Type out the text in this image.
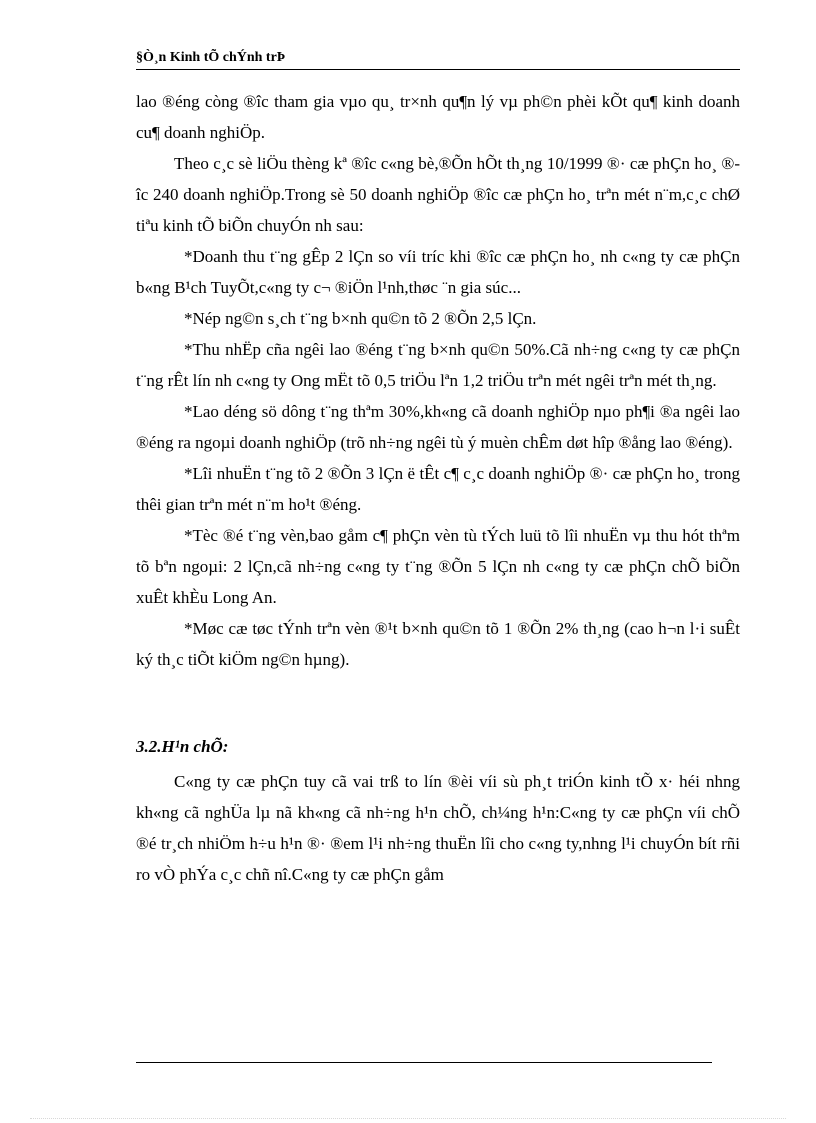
§Ò¸n Kinh tÕ chÝnh trÞ

lao ®éng còng ®îc tham gia vµo qu¸ tr×nh qu¶n lý vµ ph©n phèi kÕt qu¶ kinh doanh cu¶ doanh nghiÖp.

Theo c¸c sè liÖu thèng kª ®îc c«ng bè,®Õn hÕt th¸ng 10/1999 ®· cæ phÇn ho¸ ®îc 240 doanh nghiÖp.Trong sè 50 doanh nghiÖp ®îc cæ phÇn ho¸ trªn mét n¨m,c¸c chØ tiªu kinh tÕ biÕn chuyÓn nh sau:

*Doanh thu t¨ng gÊp 2 lÇn so víi tríc khi ®îc cæ phÇn ho¸ nh c«ng ty cæ phÇn b«ng B¹ch TuyÕt,c«ng ty c¬ ®iÖn l¹nh,thøc ¨n gia súc...

*Nép ng©n s¸ch t¨ng b×nh qu©n tõ 2 ®Õn 2,5 lÇn.

*Thu nhËp cña ngêi lao ®éng t¨ng b×nh qu©n 50%.Cã nh÷ng c«ng ty cæ phÇn t¨ng rÊt lín nh c«ng ty Ong mËt tõ 0,5 triÖu lªn 1,2 triÖu trªn mét ngêi trªn mét th¸ng.

*Lao déng sö dông t¨ng thªm 30%,kh«ng cã doanh nghiÖp nµo ph¶i ®a ngêi lao ®éng ra ngoµi doanh nghiÖp (trõ nh÷ng ngêi tù ý muèn chÊm døt hîp ®ång lao ®éng).

*Lîi nhuËn t¨ng tõ 2 ®Õn 3 lÇn ë tÊt c¶ c¸c doanh nghiÖp ®· cæ phÇn ho¸ trong thêi gian trªn mét n¨m ho¹t ®éng.

*Tèc ®é t¨ng vèn,bao gåm c¶ phÇn vèn tù tÝch luü tõ lîi nhuËn vµ thu hót thªm tõ bªn ngoµi: 2 lÇn,cã nh÷ng c«ng ty t¨ng ®Õn 5 lÇn nh c«ng ty cæ phÇn chÕ biÕn xuÊt khÈu Long An.

*Møc cæ tøc tÝnh trªn vèn ®¹t b×nh qu©n tõ 1 ®Õn 2% th¸ng (cao h¬n l·i suÊt ký th¸c tiÕt kiÖm ng©n hµng).

3.2.H¹n chÕ:

C«ng ty cæ phÇn tuy cã vai trß to lín ®èi víi sù ph¸t triÓn kinh tÕ x· héi nhng kh«ng cã nghÜa lµ nã kh«ng cã nh÷ng h¹n chÕ, ch¼ng h¹n:C«ng ty cæ phÇn víi chÕ ®é tr¸ch nhiÖm h÷u h¹n ®· ®em l¹i nh÷ng thuËn lîi cho c«ng ty,nhng l¹i chuyÓn bít rñi ro vÒ phÝa c¸c chñ nî.C«ng ty cæ phÇn gåm
